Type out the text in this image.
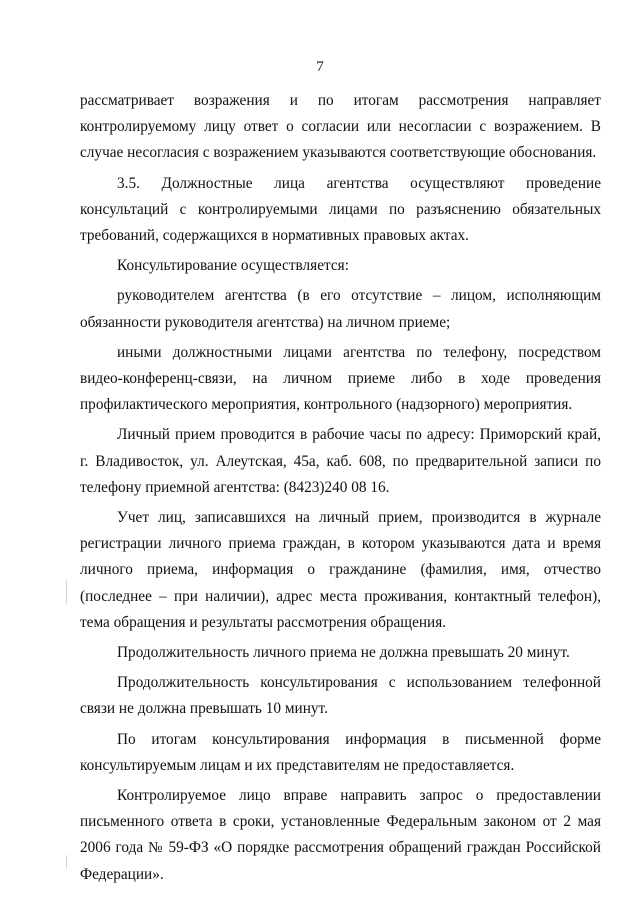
7

рассматривает возражения и по итогам рассмотрения направляет контролируемому лицу ответ о согласии или несогласии с возражением. В случае несогласия с возражением указываются соответствующие обоснования.

3.5. Должностные лица агентства осуществляют проведение консультаций с контролируемыми лицами по разъяснению обязательных требований, содержащихся в нормативных правовых актах.

Консультирование осуществляется:

руководителем агентства (в его отсутствие – лицом, исполняющим обязанности руководителя агентства) на личном приеме;

иными должностными лицами агентства по телефону, посредством видео-конференц-связи, на личном приеме либо в ходе проведения профилактического мероприятия, контрольного (надзорного) мероприятия.

Личный прием проводится в рабочие часы по адресу: Приморский край, г. Владивосток, ул. Алеутская, 45а, каб. 608, по предварительной записи по телефону приемной агентства: (8423)240 08 16.

Учет лиц, записавшихся на личный прием, производится в журнале регистрации личного приема граждан, в котором указываются дата и время личного приема, информация о гражданине (фамилия, имя, отчество (последнее – при наличии), адрес места проживания, контактный телефон), тема обращения и результаты рассмотрения обращения.

Продолжительность личного приема не должна превышать 20 минут.

Продолжительность консультирования с использованием телефонной связи не должна превышать 10 минут.

По итогам консультирования информация в письменной форме консультируемым лицам и их представителям не предоставляется.

Контролируемое лицо вправе направить запрос о предоставлении письменного ответа в сроки, установленные Федеральным законом от 2 мая 2006 года № 59-ФЗ «О порядке рассмотрения обращений граждан Российской Федерации».
